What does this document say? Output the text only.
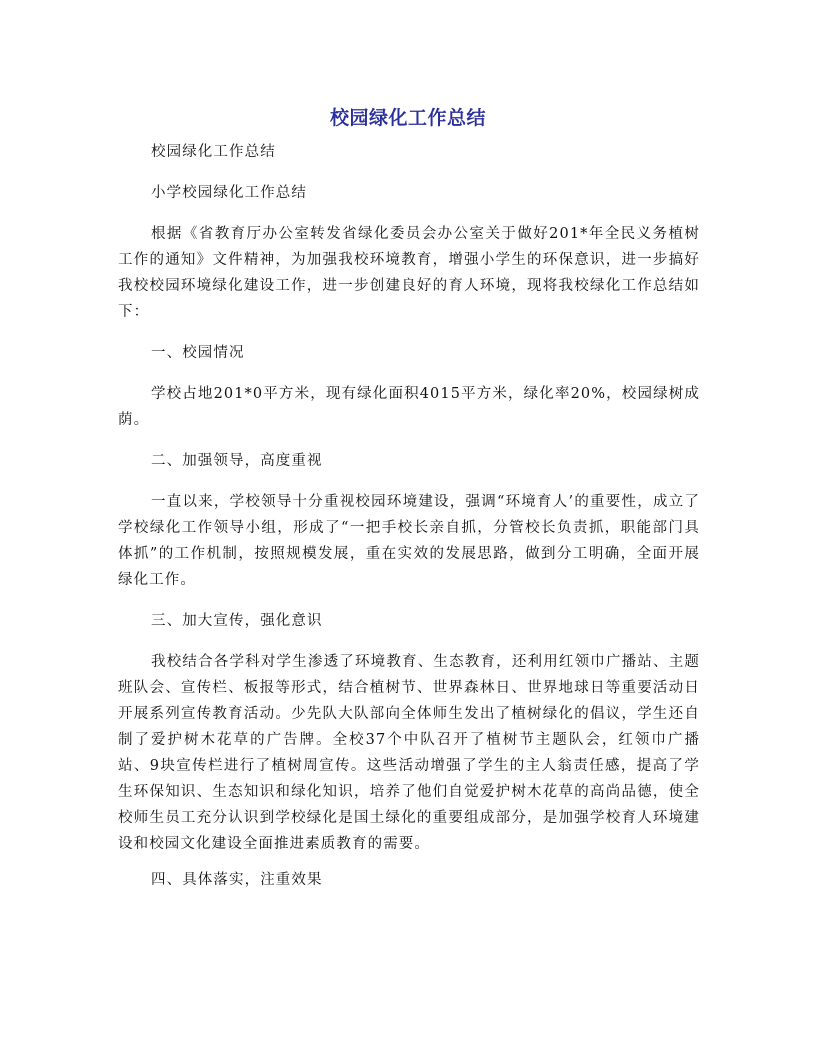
校园绿化工作总结

校园绿化工作总结

小学校园绿化工作总结

根据《省教育厅办公室转发省绿化委员会办公室关于做好201*年全民义务植树工作的通知》文件精神，为加强我校环境教育，增强小学生的环保意识，进一步搞好我校校园环境绿化建设工作，进一步创建良好的育人环境，现将我校绿化工作总结如下：

一、校园情况

学校占地201*0平方米，现有绿化面积4015平方米，绿化率20%，校园绿树成荫。

二、加强领导，高度重视

一直以来，学校领导十分重视校园环境建设，强调“环境育人’的重要性，成立了学校绿化工作领导小组，形成了“一把手校长亲自抓，分管校长负责抓，职能部门具体抓”的工作机制，按照规模发展，重在实效的发展思路，做到分工明确，全面开展绿化工作。

三、加大宣传，强化意识

我校结合各学科对学生渗透了环境教育、生态教育，还利用红领巾广播站、主题班队会、宣传栏、板报等形式，结合植树节、世界森林日、世界地球日等重要活动日开展系列宣传教育活动。少先队大队部向全体师生发出了植树绿化的倡议，学生还自制了爱护树木花草的广告牌。全校37个中队召开了植树节主题队会，红领巾广播站、9块宣传栏进行了植树周宣传。这些活动增强了学生的主人翁责任感，提高了学生环保知识、生态知识和绿化知识，培养了他们自觉爱护树木花草的高尚品德，使全校师生员工充分认识到学校绿化是国土绿化的重要组成部分，是加强学校育人环境建设和校园文化建设全面推进素质教育的需要。

四、具体落实，注重效果
